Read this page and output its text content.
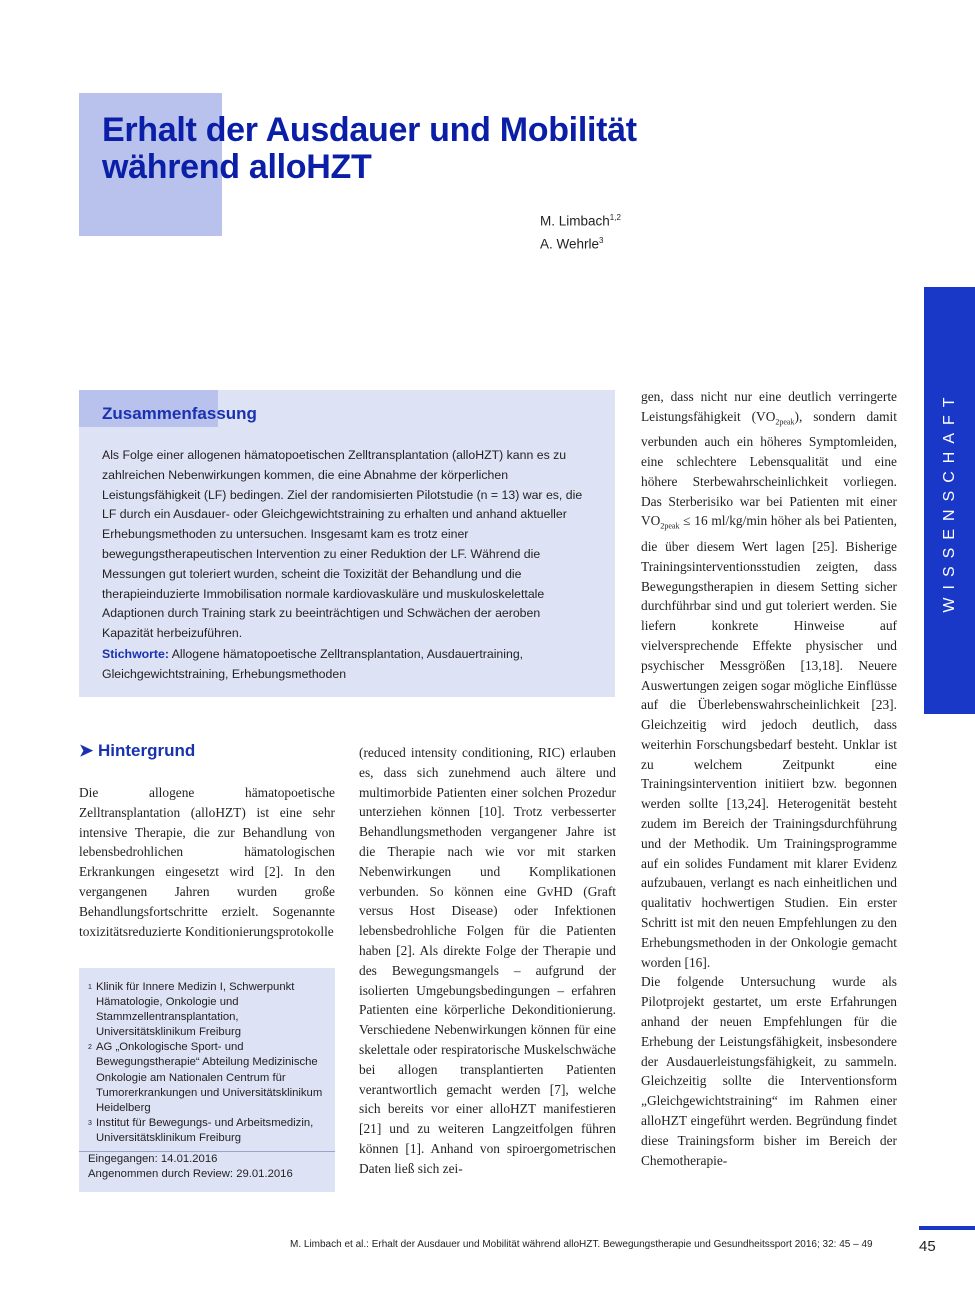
Erhalt der Ausdauer und Mobilität
während alloHZT
M. Limbach$^{1,2}$
A. Wehrle$^3$
WISSENSCHAFT
Zusammenfassung

Als Folge einer allogenen hämatopoetischen Zelltransplantation (alloHZT) kann es zu zahlreichen Nebenwirkungen kommen, die eine Abnahme der körperlichen Leistungsfähigkeit (LF) bedingen. Ziel der randomisierten Pilotstudie (n = 13) war es, die LF durch ein Ausdauer- oder Gleichgewichtstraining zu erhalten und anhand aktueller Erhebungsmethoden zu untersuchen. Insgesamt kam es trotz einer bewegungstherapeutischen Intervention zu einer Reduktion der LF. Während die Messungen gut toleriert wurden, scheint die Toxizität der Behandlung und die therapieinduzierte Immobilisation normale kardiovaskuläre und muskuloskelettale Adaptionen durch Training stark zu beeinträchtigen und Schwächen der aeroben Kapazität herbeizuführen.

Stichworte: Allogene hämatopoetische Zelltransplantation, Ausdauertraining, Gleichgewichtstraining, Erhebungsmethoden

➤ Hintergrund

Die allogene hämatopoetische Zelltransplantation (alloHZT) ist eine sehr intensive Therapie, die zur Behandlung von lebensbedrohlichen hämatologischen Erkrankungen eingesetzt wird [2]. In den vergangenen Jahren wurden große Behandlungsfortschritte erzielt. Sogenannte toxizitätsreduzierte Konditionierungsprotokolle

1 Klinik für Innere Medizin I, Schwerpunkt Hämatologie, Onkologie und Stammzellentransplantation, Universitätsklinikum Freiburg
2 AG „Onkologische Sport- und Bewegungstherapie“ Abteilung Medizinische Onkologie am Nationalen Centrum für Tumorerkrankungen und Universitätsklinikum Heidelberg
3 Institut für Bewegungs- und Arbeitsmedizin, Universitätsklinikum Freiburg
Eingegangen: 14.01.2016
Angenommen durch Review: 29.01.2016

(reduced intensity conditioning, RIC) erlauben es, dass sich zunehmend auch ältere und multimorbide Patienten einer solchen Prozedur unterziehen können [10]. Trotz verbesserter Behandlungsmethoden vergangener Jahre ist die Therapie nach wie vor mit starken Nebenwirkungen und Komplikationen verbunden. So können eine GvHD (Graft versus Host Disease) oder Infektionen lebensbedrohliche Folgen für die Patienten haben [2]. Als direkte Folge der Therapie und des Bewegungsmangels – aufgrund der isolierten Umgebungsbedingungen – erfahren Patienten eine körperliche Dekonditionierung. Verschiedene Nebenwirkungen können für eine skelettale oder respiratorische Muskelschwäche bei allogen transplantierten Patienten verantwortlich gemacht werden [7], welche sich bereits vor einer alloHZT manifestieren [21] und zu weiteren Langzeitfolgen führen können [1]. Anhand von spiroergometrischen Daten ließ sich zei-

gen, dass nicht nur eine deutlich verringerte Leistungsfähigkeit $(VO_{2peak})$, sondern damit verbunden auch ein höheres Symptomleiden, eine schlechtere Lebensqualität und eine höhere Sterbewahrscheinlichkeit vorliegen. Das Sterberisiko war bei Patienten mit einer $VO_{2peak} \le 16$ ml/kg/min höher als bei Patienten, die über diesem Wert lagen [25]. Bisherige Trainingsinterventionsstudien zeigten, dass Bewegungstherapien in diesem Setting sicher durchführbar sind und gut toleriert werden. Sie liefern konkrete Hinweise auf vielversprechende Effekte physischer und psychischer Messgrößen [13,18]. Neuere Auswertungen zeigen sogar mögliche Einflüsse auf die Überlebenswahrscheinlichkeit [23]. Gleichzeitig wird jedoch deutlich, dass weiterhin Forschungsbedarf besteht. Unklar ist zu welchem Zeitpunkt eine Trainingsintervention initiiert bzw. begonnen werden sollte [13,24]. Heterogenität besteht zudem im Bereich der Trainingsdurchführung und der Methodik. Um Trainingsprogramme auf ein solides Fundament mit klarer Evidenz aufzubauen, verlangt es nach einheitlichen und qualitativ hochwertigen Studien. Ein erster Schritt ist mit den neuen Empfehlungen zu den Erhebungsmethoden in der Onkologie gemacht worden [16].

Die folgende Untersuchung wurde als Pilotprojekt gestartet, um erste Erfahrungen anhand der neuen Empfehlungen für die Erhebung der Leistungsfähigkeit, insbesondere der Ausdauerleistungsfähigkeit, zu sammeln. Gleichzeitig sollte die Interventionsform „Gleichgewichtstraining“ im Rahmen einer alloHZT eingeführt werden. Begründung findet diese Trainingsform bisher im Bereich der Chemotherapie-

M. Limbach et al.: Erhalt der Ausdauer und Mobilität während alloHZT. Bewegungstherapie und Gesundheitssport 2016; 32: 45 – 49	45
